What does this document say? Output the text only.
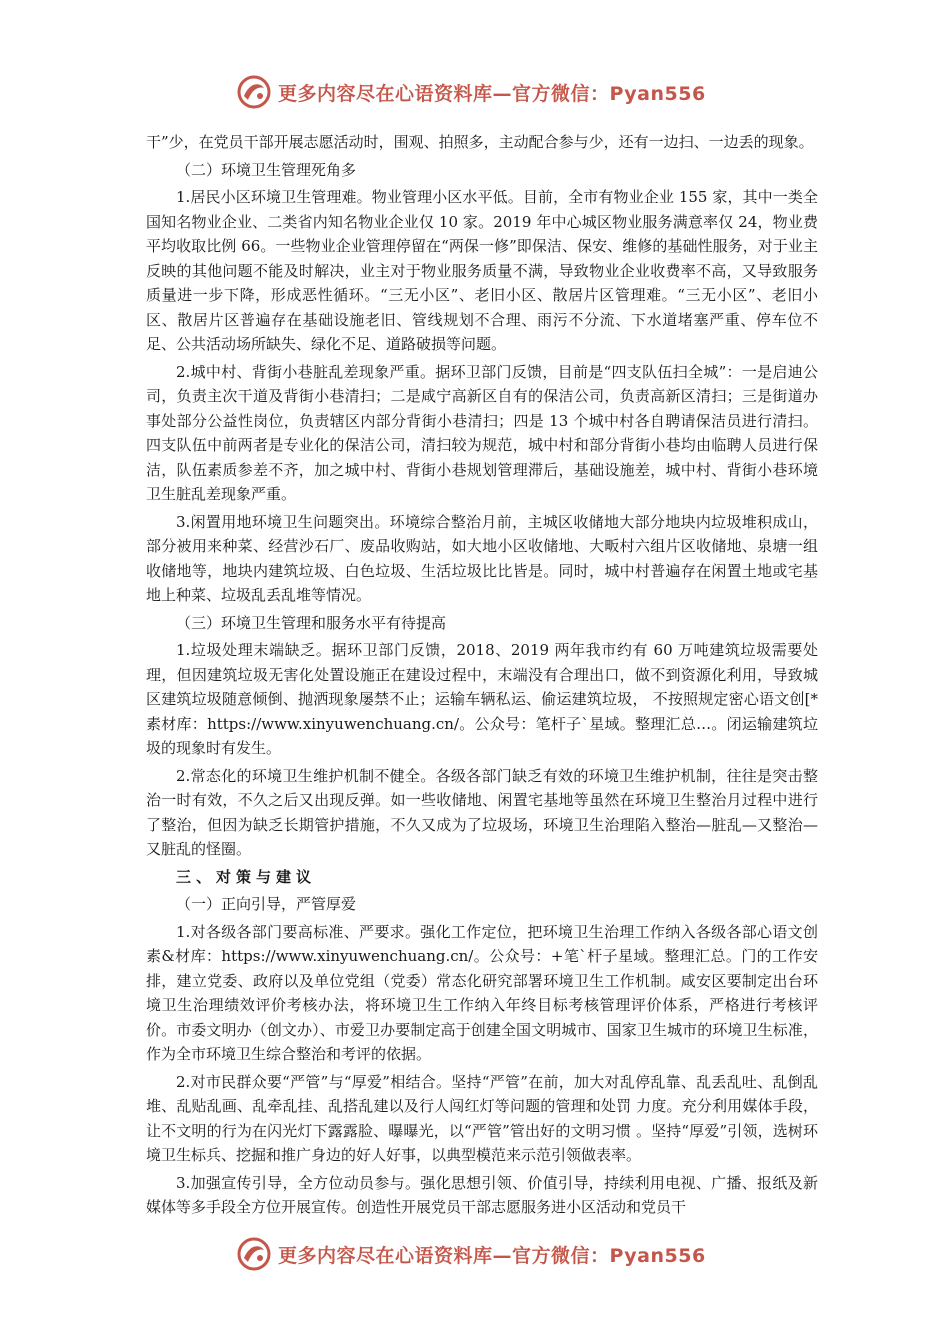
更多内容尽在心语资料库—官方微信：Pyan556

干”少，在党员干部开展志愿活动时，围观、拍照多，主动配合参与少，还有一边扫、一边丢的现象。

（二）环境卫生管理死角多

1.居民小区环境卫生管理难。物业管理小区水平低。目前，全市有物业企业 155 家，其中一类全国知名物业企业、二类省内知名物业企业仅 10 家。2019 年中心城区物业服务满意率仅 24，物业费平均收取比例 66。一些物业企业管理停留在“两保一修”即保洁、保安、维修的基础性服务，对于业主反映的其他问题不能及时解决，业主对于物业服务质量不满，导致物业企业收费率不高，又导致服务质量进一步下降，形成恶性循环。“三无小区”、老旧小区、散居片区管理难。“三无小区”、老旧小区、散居片区普遍存在基础设施老旧、管线规划不合理、雨污不分流、下水道堵塞严重、停车位不足、公共活动场所缺失、绿化不足、道路破损等问题。

2.城中村、背街小巷脏乱差现象严重。据环卫部门反馈，目前是“四支队伍扫全城”：一是启迪公司，负责主次干道及背街小巷清扫；二是咸宁高新区自有的保洁公司，负责高新区清扫；三是街道办事处部分公益性岗位，负责辖区内部分背街小巷清扫；四是 13 个城中村各自聘请保洁员进行清扫。四支队伍中前两者是专业化的保洁公司，清扫较为规范，城中村和部分背街小巷均由临聘人员进行保洁，队伍素质参差不齐，加之城中村、背街小巷规划管理滞后，基础设施差，城中村、背街小巷环境卫生脏乱差现象严重。

3.闲置用地环境卫生问题突出。环境综合整治月前，主城区收储地大部分地块内垃圾堆积成山，部分被用来种菜、经营沙石厂、废品收购站，如大地小区收储地、大畈村六组片区收储地、泉塘一组收储地等，地块内建筑垃圾、白色垃圾、生活垃圾比比皆是。同时，城中村普遍存在闲置土地或宅基地上种菜、垃圾乱丢乱堆等情况。

（三）环境卫生管理和服务水平有待提高

1.垃圾处理末端缺乏。据环卫部门反馈，2018、2019 两年我市约有 60 万吨建筑垃圾需要处理，但因建筑垃圾无害化处置设施正在建设过程中，末端没有合理出口，做不到资源化利用，导致城区建筑垃圾随意倾倒、抛洒现象屡禁不止；运输车辆私运、偷运建筑垃圾， 不按照规定密心语文创[*素材库：https://www.xinyuwenchuang.cn/。公众号：笔杆子`星域。整理汇总…。闭运输建筑垃圾的现象时有发生。

2.常态化的环境卫生维护机制不健全。各级各部门缺乏有效的环境卫生维护机制，往往是突击整治一时有效，不久之后又出现反弹。如一些收储地、闲置宅基地等虽然在环境卫生整治月过程中进行了整治，但因为缺乏长期管护措施，不久又成为了垃圾场，环境卫生治理陷入整治—脏乱—又整治—又脏乱的怪圈。

三、对策与建议

（一）正向引导，严管厚爱

1.对各级各部门要高标准、严要求。强化工作定位，把环境卫生治理工作纳入各级各部心语文创素&材库：https://www.xinyuwenchuang.cn/。公众号：+笔`杆子星域。整理汇总。门的工作安排，建立党委、政府以及单位党组（党委）常态化研究部署环境卫生工作机制。咸安区要制定出台环境卫生治理绩效评价考核办法，将环境卫生工作纳入年终目标考核管理评价体系，严格进行考核评价。市委文明办（创文办）、市爱卫办要制定高于创建全国文明城市、国家卫生城市的环境卫生标准，作为全市环境卫生综合整治和考评的依据。

2.对市民群众要“严管”与“厚爱”相结合。坚持“严管”在前，加大对乱停乱靠、乱丢乱吐、乱倒乱堆、乱贴乱画、乱牵乱挂、乱搭乱建以及行人闯红灯等问题的管理和处罚 力度。充分利用媒体手段，让不文明的行为在闪光灯下露露脸、曝曝光，以“严管”管出好的文明习惯 。坚持“厚爱”引领，选树环境卫生标兵、挖掘和推广身边的好人好事，以典型模范来示范引领做表率。

3.加强宣传引导，全方位动员参与。强化思想引领、价值引导，持续利用电视、广播、报纸及新媒体等多手段全方位开展宣传。创造性开展党员干部志愿服务进小区活动和党员干

更多内容尽在心语资料库—官方微信：Pyan556
